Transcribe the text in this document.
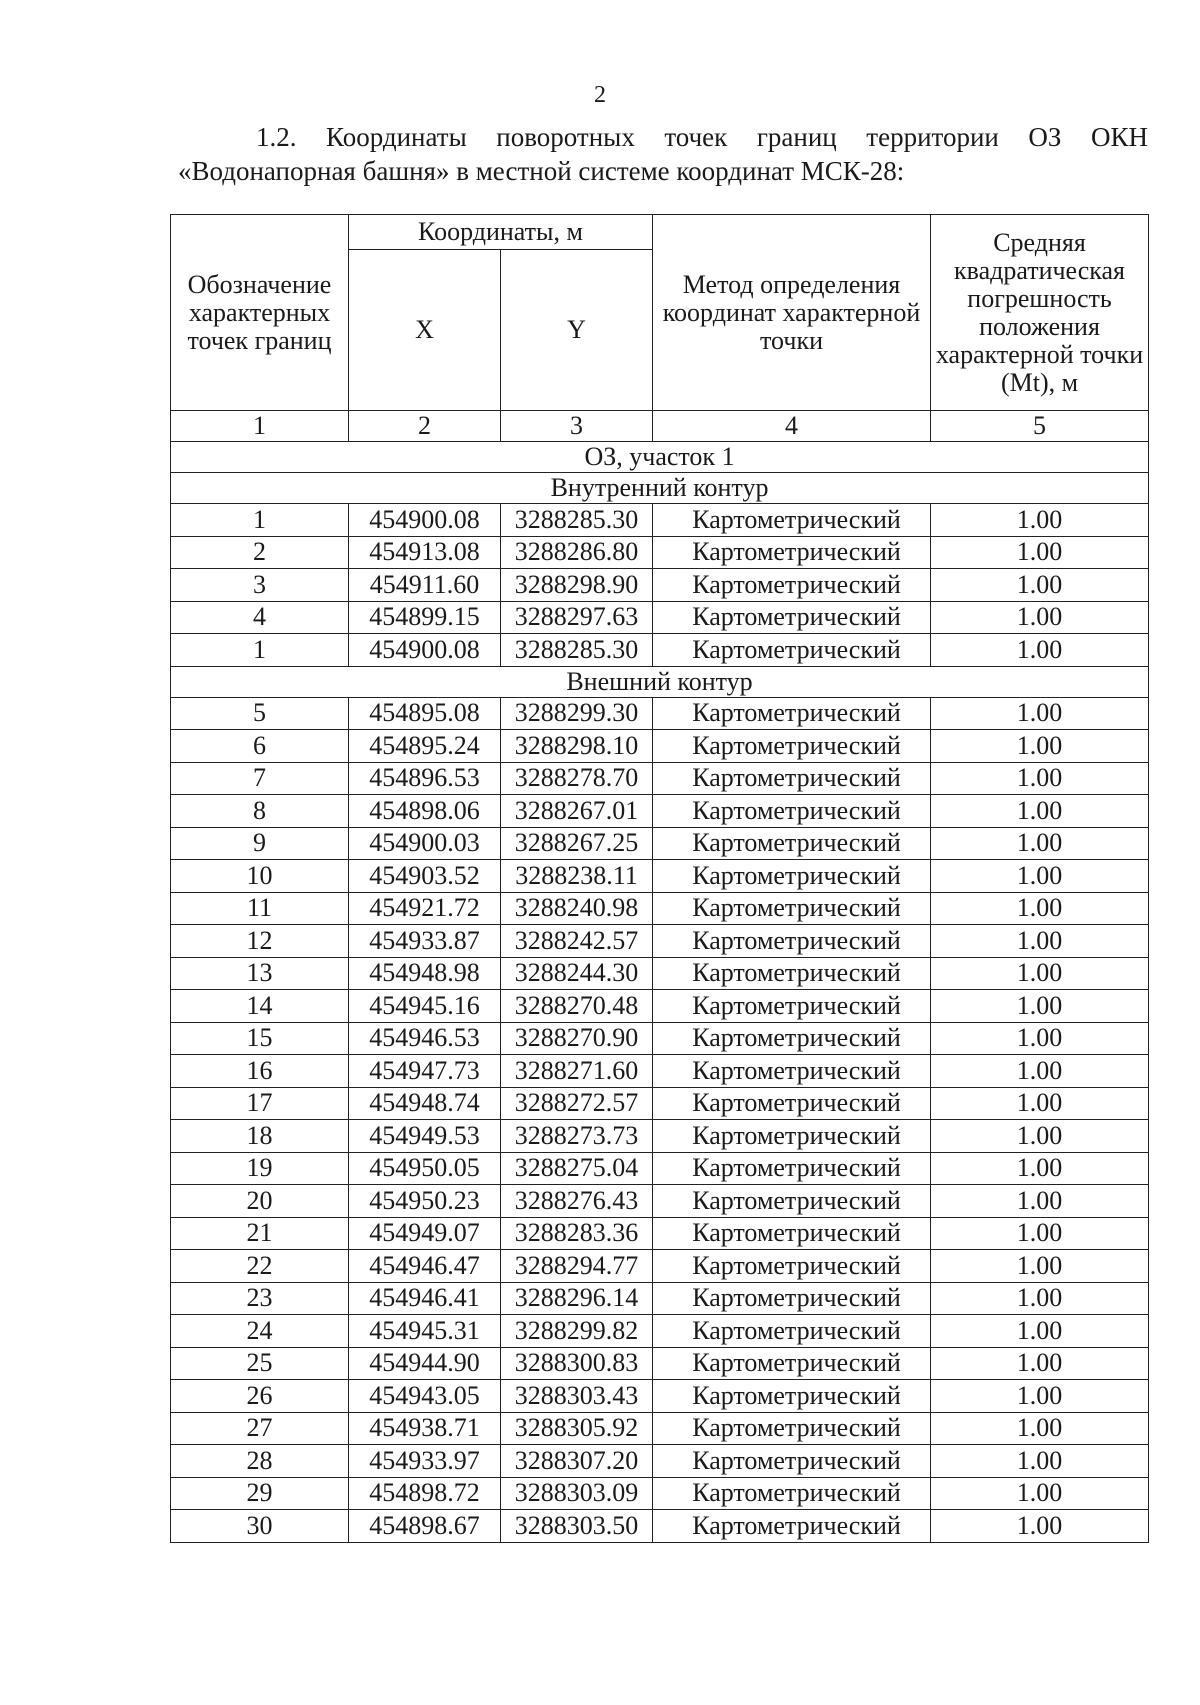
2
1.2. Координаты поворотных точек границ территории ОЗ ОКН
«Водонапорная башня» в местной системе координат МСК-28:
Обозначение характерных точек границ	Координаты, м		Метод определения координат характерной точки	Средняя квадратическая погрешность положения характерной точки (Mt), м
	X	Y		
1	2	3	4	5
ОЗ, участок 1				
Внутренний контур				
1	454900.08	3288285.30	Картометрический	1.00
2	454913.08	3288286.80	Картометрический	1.00
3	454911.60	3288298.90	Картометрический	1.00
4	454899.15	3288297.63	Картометрический	1.00
1	454900.08	3288285.30	Картометрический	1.00
Внешний контур				
5	454895.08	3288299.30	Картометрический	1.00
6	454895.24	3288298.10	Картометрический	1.00
7	454896.53	3288278.70	Картометрический	1.00
8	454898.06	3288267.01	Картометрический	1.00
9	454900.03	3288267.25	Картометрический	1.00
10	454903.52	3288238.11	Картометрический	1.00
11	454921.72	3288240.98	Картометрический	1.00
12	454933.87	3288242.57	Картометрический	1.00
13	454948.98	3288244.30	Картометрический	1.00
14	454945.16	3288270.48	Картометрический	1.00
15	454946.53	3288270.90	Картометрический	1.00
16	454947.73	3288271.60	Картометрический	1.00
17	454948.74	3288272.57	Картометрический	1.00
18	454949.53	3288273.73	Картометрический	1.00
19	454950.05	3288275.04	Картометрический	1.00
20	454950.23	3288276.43	Картометрический	1.00
21	454949.07	3288283.36	Картометрический	1.00
22	454946.47	3288294.77	Картометрический	1.00
23	454946.41	3288296.14	Картометрический	1.00
24	454945.31	3288299.82	Картометрический	1.00
25	454944.90	3288300.83	Картометрический	1.00
26	454943.05	3288303.43	Картометрический	1.00
27	454938.71	3288305.92	Картометрический	1.00
28	454933.97	3288307.20	Картометрический	1.00
29	454898.72	3288303.09	Картометрический	1.00
30	454898.67	3288303.50	Картометрический	1.00
